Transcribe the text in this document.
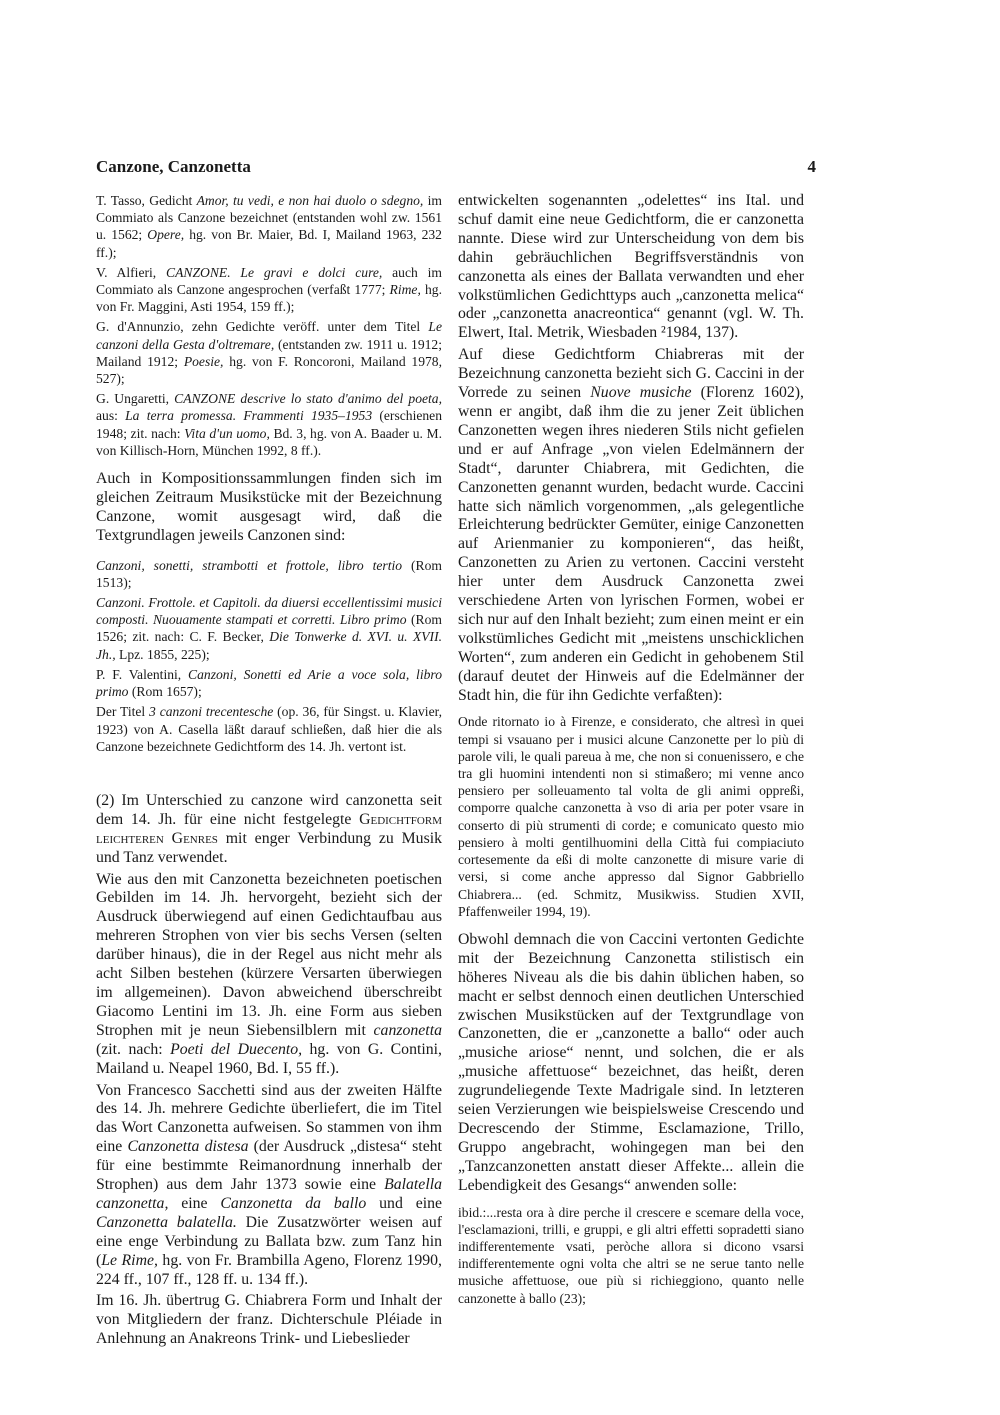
Canzone, Canzonetta	4

T. Tasso, Gedicht Amor, tu vedi, e non hai duolo o sdegno, im Commiato als Canzone bezeichnet (entstanden wohl zw. 1561 u. 1562; Opere, hg. von Br. Maier, Bd. I, Mailand 1963, 232 ff.);

V. Alfieri, CANZONE. Le gravi e dolci cure, auch im Commiato als Canzone angesprochen (verfaßt 1777; Rime, hg. von Fr. Maggini, Asti 1954, 159 ff.);

G. d'Annunzio, zehn Gedichte veröff. unter dem Titel Le canzoni della Gesta d'oltremare, (entstanden zw. 1911 u. 1912; Mailand 1912; Poesie, hg. von F. Roncoroni, Mailand 1978, 527);

G. Ungaretti, CANZONE descrive lo stato d'animo del poeta, aus: La terra promessa. Frammenti 1935–1953 (erschienen 1948; zit. nach: Vita d'un uomo, Bd. 3, hg. von A. Baader u. M. von Killisch-Horn, München 1992, 8 ff.).

Auch in Kompositionssammlungen finden sich im gleichen Zeitraum Musikstücke mit der Bezeichnung Canzone, womit ausgesagt wird, daß die Textgrundlagen jeweils Canzonen sind:

Canzoni, sonetti, strambotti et frottole, libro tertio (Rom 1513);

Canzoni. Frottole. et Capitoli. da diuersi eccellentissimi musici composti. Nuouamente stampati et corretti. Libro primo (Rom 1526; zit. nach: C. F. Becker, Die Tonwerke d. XVI. u. XVII. Jh., Lpz. 1855, 225);

P. F. Valentini, Canzoni, Sonetti ed Arie a voce sola, libro primo (Rom 1657);

Der Titel 3 canzoni trecentesche (op. 36, für Singst. u. Klavier, 1923) von A. Casella läßt darauf schließen, daß hier die als Canzone bezeichnete Gedichtform des 14. Jh. vertont ist.

(2) Im Unterschied zu canzone wird canzonetta seit dem 14. Jh. für eine nicht festgelegte Gedichtform leichteren Genres mit enger Verbindung zu Musik und Tanz verwendet.

Wie aus den mit Canzonetta bezeichneten poetischen Gebilden im 14. Jh. hervorgeht, bezieht sich der Ausdruck überwiegend auf einen Gedichtaufbau aus mehreren Strophen von vier bis sechs Versen (selten darüber hinaus), die in der Regel aus nicht mehr als acht Silben bestehen (kürzere Versarten überwiegen im allgemeinen). Davon abweichend überschreibt Giacomo Lentini im 13. Jh. eine Form aus sieben Strophen mit je neun Siebensilblern mit canzonetta (zit. nach: Poeti del Duecento, hg. von G. Contini, Mailand u. Neapel 1960, Bd. I, 55 ff.).

Von Francesco Sacchetti sind aus der zweiten Hälfte des 14. Jh. mehrere Gedichte überliefert, die im Titel das Wort Canzonetta aufweisen. So stammen von ihm eine Canzonetta distesa (der Ausdruck „distesa“ steht für eine bestimmte Reimanordnung innerhalb der Strophen) aus dem Jahr 1373 sowie eine Balatella canzonetta, eine Canzonetta da ballo und eine Canzonetta balatella. Die Zusatzwörter weisen auf eine enge Verbindung zu Ballata bzw. zum Tanz hin (Le Rime, hg. von Fr. Brambilla Ageno, Florenz 1990, 224 ff., 107 ff., 128 ff. u. 134 ff.).

Im 16. Jh. übertrug G. Chiabrera Form und Inhalt der von Mitgliedern der franz. Dichterschule Pléiade in Anlehnung an Anakreons Trink- und Liebeslieder

entwickelten sogenannten „odelettes“ ins Ital. und schuf damit eine neue Gedichtform, die er canzonetta nannte. Diese wird zur Unterscheidung von dem bis dahin gebräuchlichen Begriffsverständnis von canzonetta als eines der Ballata verwandten und eher volkstümlichen Gedichttyps auch „canzonetta melica“ oder „canzonetta anacreontica“ genannt (vgl. W. Th. Elwert, Ital. Metrik, Wiesbaden ²1984, 137).

Auf diese Gedichtform Chiabreras mit der Bezeichnung canzonetta bezieht sich G. Caccini in der Vorrede zu seinen Nuove musiche (Florenz 1602), wenn er angibt, daß ihm die zu jener Zeit üblichen Canzonetten wegen ihres niederen Stils nicht gefielen und er auf Anfrage „von vielen Edelmännern der Stadt“, darunter Chiabrera, mit Gedichten, die Canzonetten genannt wurden, bedacht wurde. Caccini hatte sich nämlich vorgenommen, „als gelegentliche Erleichterung bedrückter Gemüter, einige Canzonetten auf Arienmanier zu komponieren“, das heißt, Canzonetten zu Arien zu vertonen. Caccini versteht hier unter dem Ausdruck Canzonetta zwei verschiedene Arten von lyrischen Formen, wobei er sich nur auf den Inhalt bezieht; zum einen meint er ein volkstümliches Gedicht mit „meistens unschicklichen Worten“, zum anderen ein Gedicht in gehobenem Stil (darauf deutet der Hinweis auf die Edelmänner der Stadt hin, die für ihn Gedichte verfaßten):

Onde ritornato io à Firenze, e considerato, che altresì in quei tempi si vsauano per i musici alcune Canzonette per lo più di parole vili, le quali pareua à me, che non si conuenissero, e che tra gli huomini intendenti non si stimaßero; mi venne anco pensiero per solleuamento tal volta de gli animi oppreßi, comporre qualche canzonetta à vso di aria per poter vsare in conserto di più strumenti di corde; e comunicato questo mio pensiero à molti gentilhuomini della Città fui compiaciuto cortesemente da eßi di molte canzonette di misure varie di versi, si come anche appresso dal Signor Gabbriello Chiabrera... (ed. Schmitz, Musikwiss. Studien XVII, Pfaffenweiler 1994, 19).

Obwohl demnach die von Caccini vertonten Gedichte mit der Bezeichnung Canzonetta stilistisch ein höheres Niveau als die bis dahin üblichen haben, so macht er selbst dennoch einen deutlichen Unterschied zwischen Musikstücken auf der Textgrundlage von Canzonetten, die er „canzonette a ballo“ oder auch „musiche ariose“ nennt, und solchen, die er als „musiche affettuose“ bezeichnet, das heißt, deren zugrundeliegende Texte Madrigale sind. In letzteren seien Verzierungen wie beispielsweise Crescendo und Decrescendo der Stimme, Esclamazione, Trillo, Gruppo angebracht, wohingegen man bei den „Tanzcanzonetten anstatt dieser Affekte... allein die Lebendigkeit des Gesangs“ anwenden solle:

ibid.:...resta ora à dire perche il crescere e scemare della voce, l'esclamazioni, trilli, e gruppi, e gli altri effetti sopradetti siano indifferentemente vsati, peròche allora si dicono vsarsi indifferentemente ogni volta che altri se ne serue tanto nelle musiche affettuose, oue più si richieggiono, quanto nelle canzonette à ballo (23);
